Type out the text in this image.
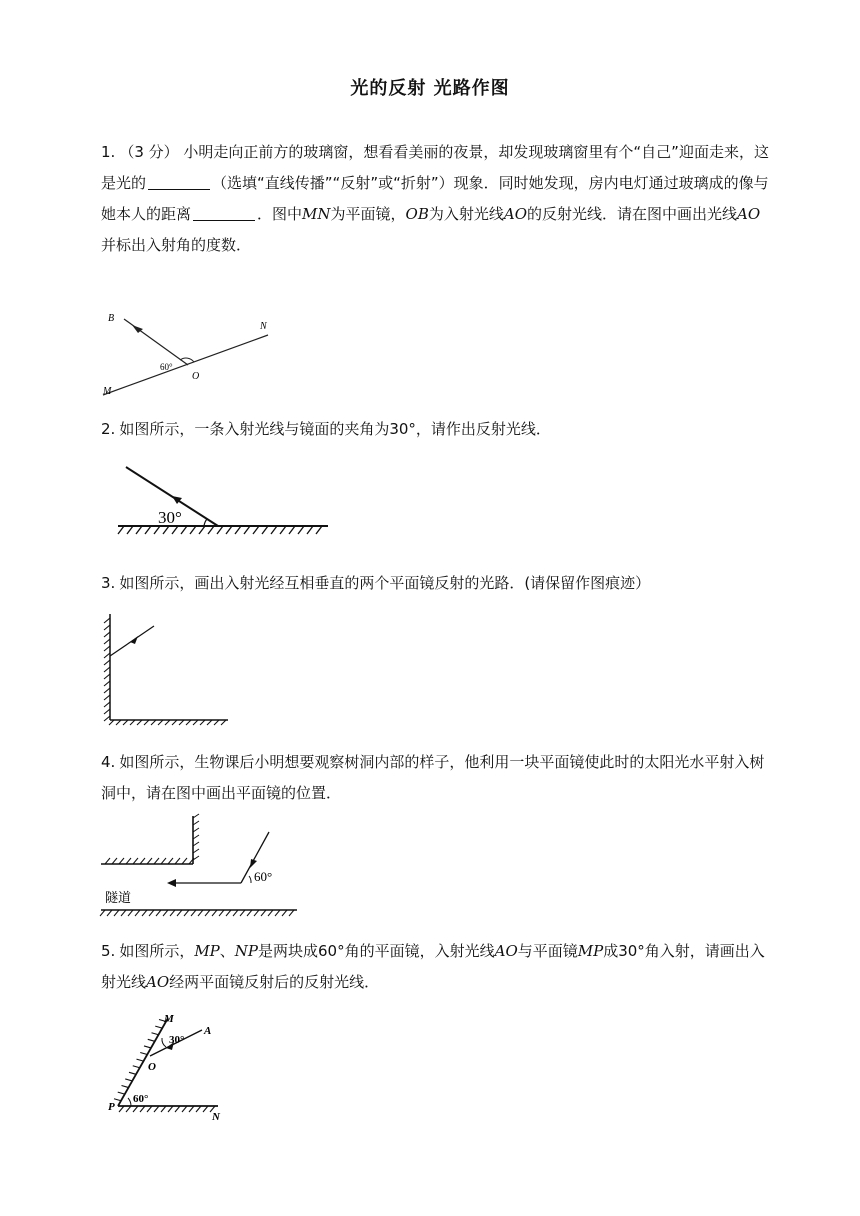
光的反射 光路作图
1. （3 分） 小明走向正前方的玻璃窗，想看看美丽的夜景，却发现玻璃窗里有个“自己”迎面走来，这是光的	（选填“直线传播”“反射”或“折射”）现象．同时她发现，房内电灯通过玻璃成的像与她本人的距离	．图中MN为平面镜，OB为入射光线AO的反射光线．请在图中画出光线AO并标出入射角的度数．
B
N
O
M
60°
2. 如图所示，一条入射光线与镜面的夹角为30°，请作出反射光线．
30°
3. 如图所示，画出入射光经互相垂直的两个平面镜反射的光路．(请保留作图痕迹）
4. 如图所示，生物课后小明想要观察树洞内部的样子，他利用一块平面镜使此时的太阳光水平射入树洞中，请在图中画出平面镜的位置．
60°
隧道
5. 如图所示，MP、NP是两块成60°角的平面镜，入射光线AO与平面镜MP成30°角入射，请画出入射光线AO经两平面镜反射后的反射光线．
M
A
30°
O
P
60°
N
